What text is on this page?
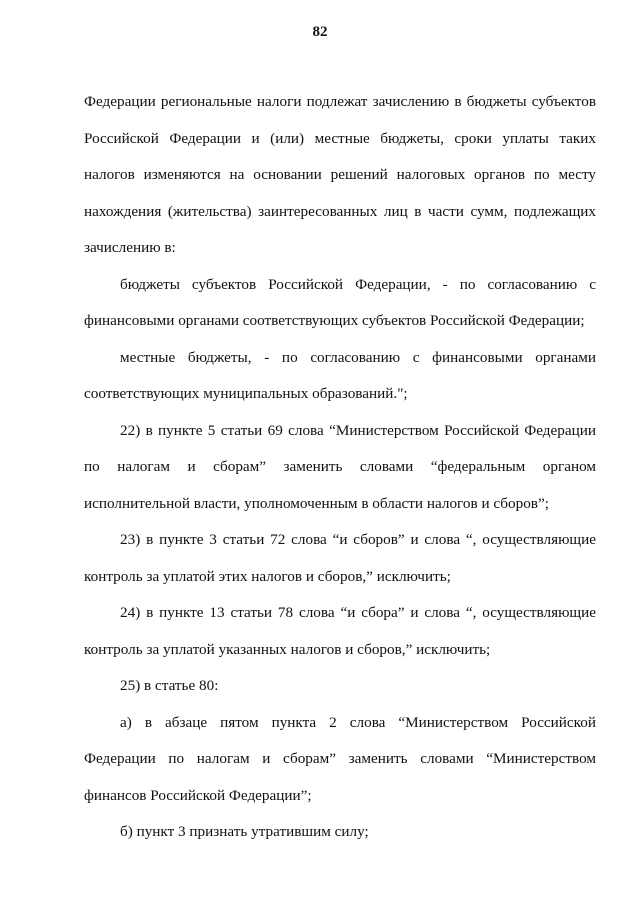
82

Федерации региональные налоги подлежат зачислению в бюджеты субъектов Российской Федерации и (или) местные бюджеты, сроки уплаты таких налогов изменяются на основании решений налоговых органов по месту нахождения (жительства) заинтересованных лиц в части сумм, подлежащих зачислению в:

бюджеты субъектов Российской Федерации, - по согласованию с финансовыми органами соответствующих субъектов Российской Федерации;

местные бюджеты, - по согласованию с финансовыми органами соответствующих муниципальных образований.";

22) в пункте 5 статьи 69 слова “Министерством Российской Федерации по налогам и сборам” заменить словами “федеральным органом исполнительной власти, уполномоченным в области налогов и сборов”;

23) в пункте 3 статьи 72 слова “и сборов” и слова “, осуществляющие контроль за уплатой этих налогов и сборов,” исключить;

24) в пункте 13 статьи 78 слова “и сбора” и слова “, осуществляющие контроль за уплатой указанных налогов и сборов,” исключить;

25) в статье 80:

а) в абзаце пятом пункта 2 слова “Министерством Российской Федерации по налогам и сборам” заменить словами “Министерством финансов Российской Федерации”;

б) пункт 3 признать утратившим силу;
